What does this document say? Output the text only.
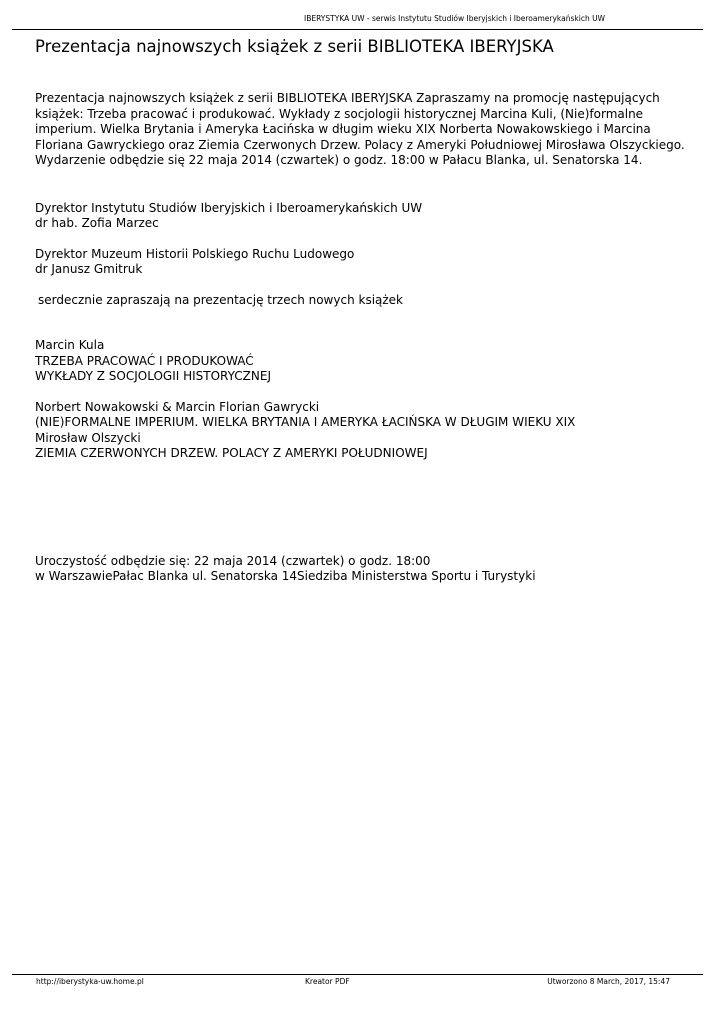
IBERYSTYKA UW - serwis Instytutu Studiów Iberyjskich i Iberoamerykańskich UW
Prezentacja najnowszych książek z serii BIBLIOTEKA IBERYJSKA

Prezentacja najnowszych książek z serii BIBLIOTEKA IBERYJSKA Zapraszamy na promocję następujących książek: Trzeba pracować i produkować. Wykłady z socjologii historycznej Marcina Kuli, (Nie)formalne imperium. Wielka Brytania i Ameryka Łacińska w długim wieku XIX Norberta Nowakowskiego i Marcina Floriana Gawryckiego oraz Ziemia Czerwonych Drzew. Polacy z Ameryki Południowej Mirosława Olszyckiego. Wydarzenie odbędzie się 22 maja 2014 (czwartek) o godz. 18:00 w Pałacu Blanka, ul. Senatorska 14.

Dyrektor Instytutu Studiów Iberyjskich i Iberoamerykańskich UW

dr hab. Zofia Marzec

Dyrektor Muzeum Historii Polskiego Ruchu Ludowego

dr Janusz Gmitruk

serdecznie zapraszają na prezentację trzech nowych książek

Marcin Kula

TRZEBA PRACOWAĆ I PRODUKOWAĆ

WYKŁADY Z SOCJOLOGII HISTORYCZNEJ

Norbert Nowakowski & Marcin Florian Gawrycki

(NIE)FORMALNE IMPERIUM. WIELKA BRYTANIA I AMERYKA ŁACIŃSKA W DŁUGIM WIEKU XIX

Mirosław Olszycki

ZIEMIA CZERWONYCH DRZEW. POLACY Z AMERYKI POŁUDNIOWEJ

Uroczystość odbędzie się: 22 maja 2014 (czwartek) o godz. 18:00

w WarszawiePałac Blanka ul. Senatorska 14Siedziba Ministerstwa Sportu i Turystyki

http://iberystyka-uw.home.pl	Kreator PDF	Utworzono 8 March, 2017, 15:47
